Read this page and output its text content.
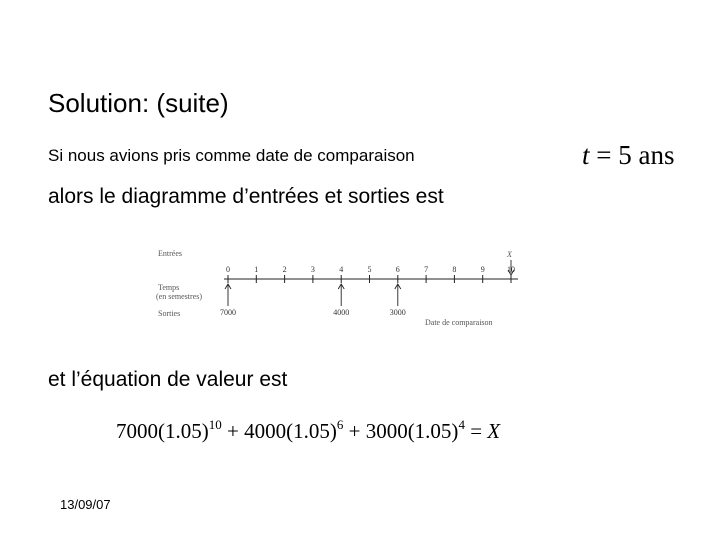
Solution: (suite)
Si nous avions pris comme date de comparaison	t = 5 ans
alors le diagramme d’entrées et sorties est
Entrées
Temps
(en semestres)
Sorties
0	1	2	3	4	5	6	7	8	9	10
7000	4000	3000
X
Date de comparaison
et l’équation de valeur est
$7000(1.05)^{10} + 4000(1.05)^6 + 3000(1.05)^4 = X$
13/09/07
